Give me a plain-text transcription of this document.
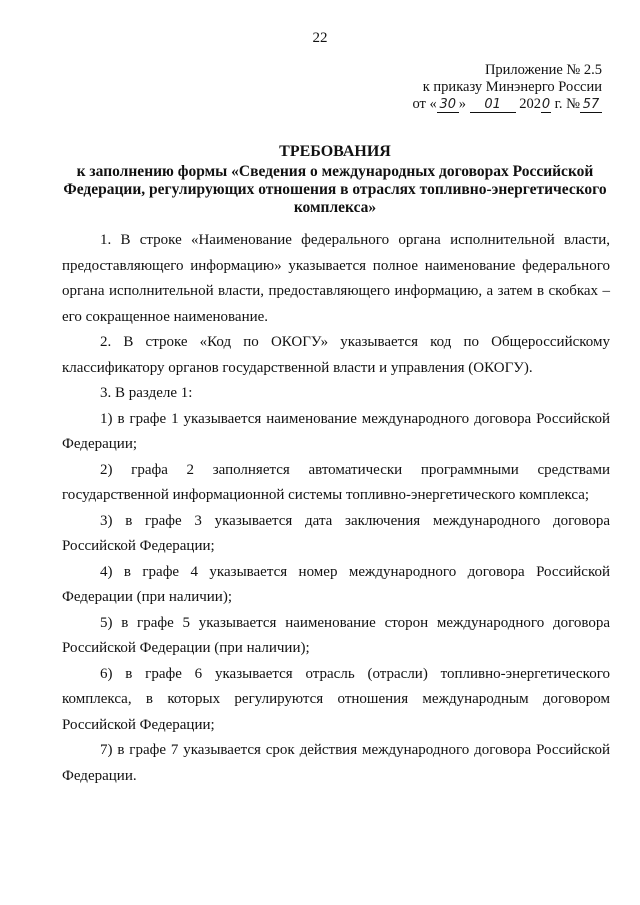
22
Приложение № 2.5
к приказу Минэнерго России
от « 30 » 01 2020 г. № 57
ТРЕБОВАНИЯ
к заполнению формы «Сведения о международных договорах Российской Федерации, регулирующих отношения в отраслях топливно-энергетического комплекса»

1. В строке «Наименование федерального органа исполнительной власти, предоставляющего информацию» указывается полное наименование федерального органа исполнительной власти, предоставляющего информацию, а затем в скобках – его сокращенное наименование.

2. В строке «Код по ОКОГУ» указывается код по Общероссийскому классификатору органов государственной власти и управления (ОКОГУ).

3. В разделе 1:

1) в графе 1 указывается наименование международного договора Российской Федерации;

2) графа 2 заполняется автоматически программными средствами государственной информационной системы топливно-энергетического комплекса;

3) в графе 3 указывается дата заключения международного договора Российской Федерации;

4) в графе 4 указывается номер международного договора Российской Федерации (при наличии);

5) в графе 5 указывается наименование сторон международного договора Российской Федерации (при наличии);

6) в графе 6 указывается отрасль (отрасли) топливно-энергетического комплекса, в которых регулируются отношения международным договором Российской Федерации;

7) в графе 7 указывается срок действия международного договора Российской Федерации.
